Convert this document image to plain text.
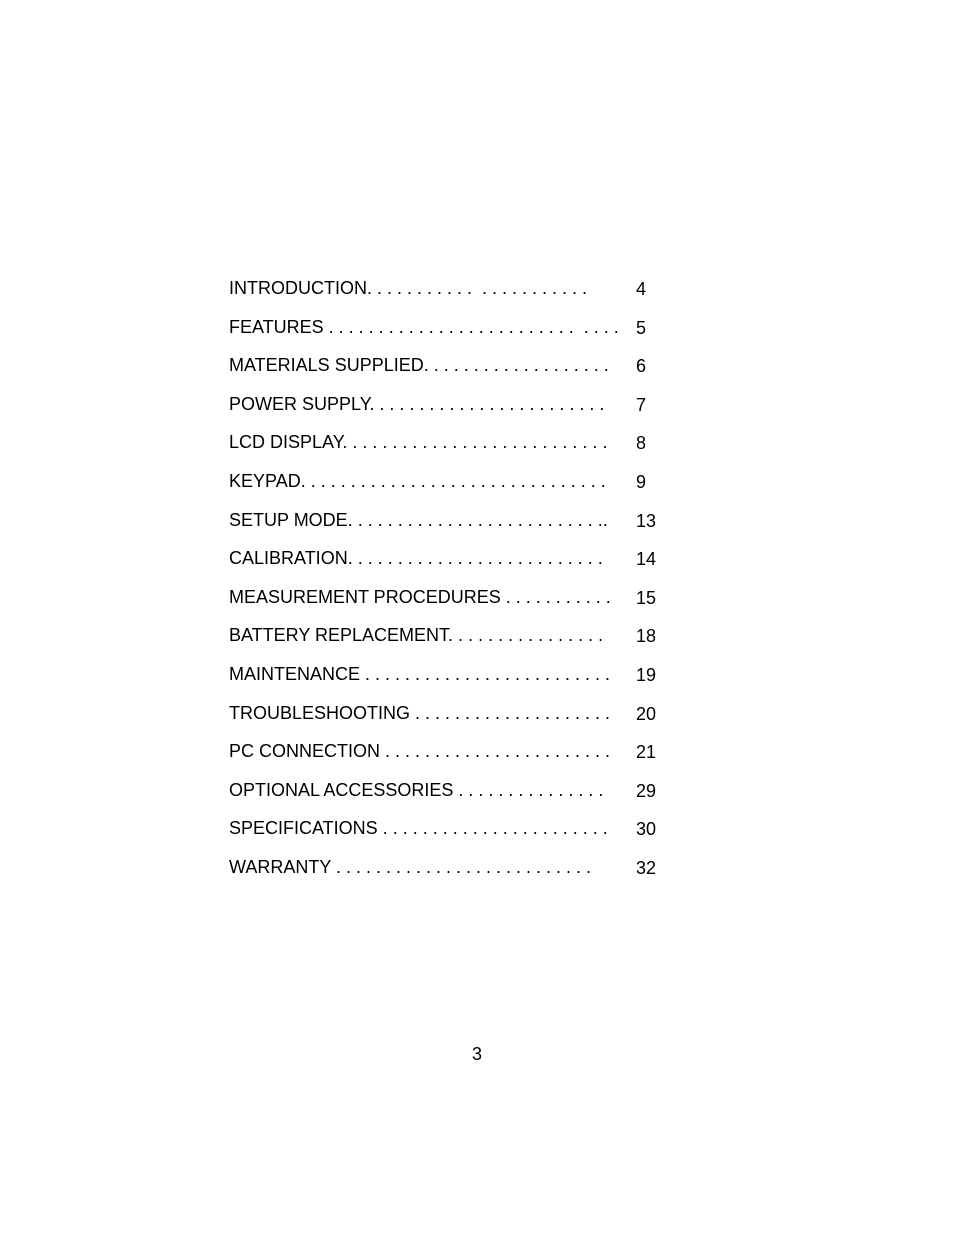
INTRODUCTION. . . . . . . . . . .  . . . . . . . . . . .

	4

FEATURES . . . . . . . . . . . . . . . . . . . . . . . . .  . . . .

5

MATERIALS SUPPLIED. . . . . . . . . . . . . . . . . . .

6

POWER SUPPLY. . . . . . . . . . . . . . . . . . . . . . . .

7

LCD DISPLAY. . . . . . . . . . . . . . . . . . . . . . . . . . .

8

KEYPAD. . . . . . . . . . . . . . . . . . . . . . . . . . . . . . .

9

SETUP MODE. . . . . . . . . . . . . . . . . . . . . . . . . ..

13

CALIBRATION. . . . . . . . . . . . . . . . . . . . . . . . . .

14

MEASUREMENT PROCEDURES . . . . . . . . . . .

15

BATTERY REPLACEMENT. . . . . . . . . . . . . . . .

18

MAINTENANCE . . . . . . . . . . . . . . . . . . . . . . . . .

19

TROUBLESHOOTING . . . . . . . . . . . . . . . . . . . .

20

PC CONNECTION . . . . . . . . . . . . . . . . . . . . . . .

21

OPTIONAL ACCESSORIES . . . . . . . . . . . . . . .

29

SPECIFICATIONS . . . . . . . . . . . . . . . . . . . . . . .

30

WARRANTY . . . . . . . . . . . . . . . . . . . . . . . . . .

32

3
